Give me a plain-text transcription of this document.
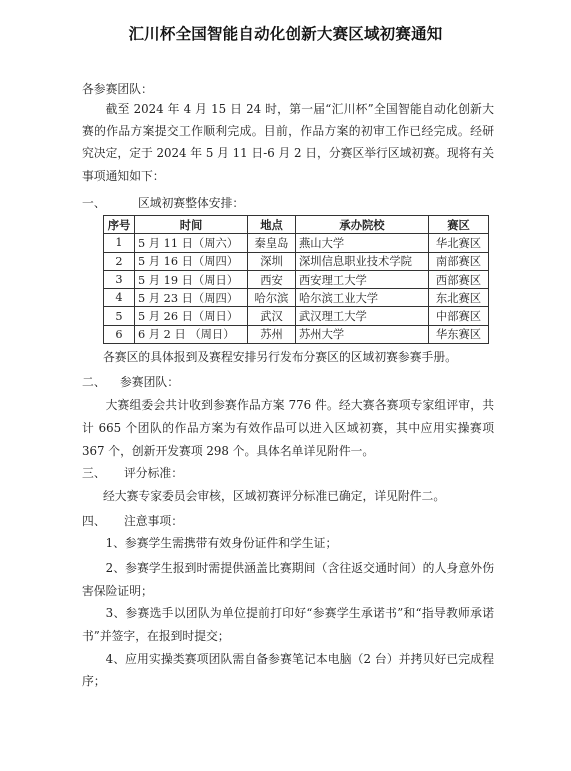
汇川杯全国智能自动化创新大赛区域初赛通知
各参赛团队：
截至 2024 年 4 月 15 日 24 时，第一届“汇川杯”全国智能自动化创新大赛的作品方案提交工作顺利完成。目前，作品方案的初审工作已经完成。经研究决定，定于 2024 年 5 月 11 日-6 月 2 日，分赛区举行区域初赛。现将有关事项通知如下：
一、	区域初赛整体安排：
序号	时间	地点	承办院校	赛区
1	5 月 11 日（周六）	秦皇岛	燕山大学	华北赛区
2	5 月 16 日（周四）	深圳	深圳信息职业技术学院	南部赛区
3	5 月 19 日（周日）	西安	西安理工大学	西部赛区
4	5 月 23 日（周四）	哈尔滨	哈尔滨工业大学	东北赛区
5	5 月 26 日（周日）	武汉	武汉理工大学	中部赛区
6	6 月 2 日 （周日）	苏州	苏州大学	华东赛区
各赛区的具体报到及赛程安排另行发布分赛区的区域初赛参赛手册。
二、 参赛团队：
大赛组委会共计收到参赛作品方案 776 件。经大赛各赛项专家组评审，共计 665 个团队的作品方案为有效作品可以进入区域初赛，其中应用实操赛项 367 个，创新开发赛项 298 个。具体名单详见附件一。
三、 评分标准：
经大赛专家委员会审核，区域初赛评分标准已确定，详见附件二。
四、 注意事项：
1、参赛学生需携带有效身份证件和学生证；
2、参赛学生报到时需提供涵盖比赛期间（含往返交通时间）的人身意外伤害保险证明；
3、参赛选手以团队为单位提前打印好“参赛学生承诺书”和“指导教师承诺书”并签字，在报到时提交；
4、应用实操类赛项团队需自备参赛笔记本电脑（2 台）并拷贝好已完成程序；
